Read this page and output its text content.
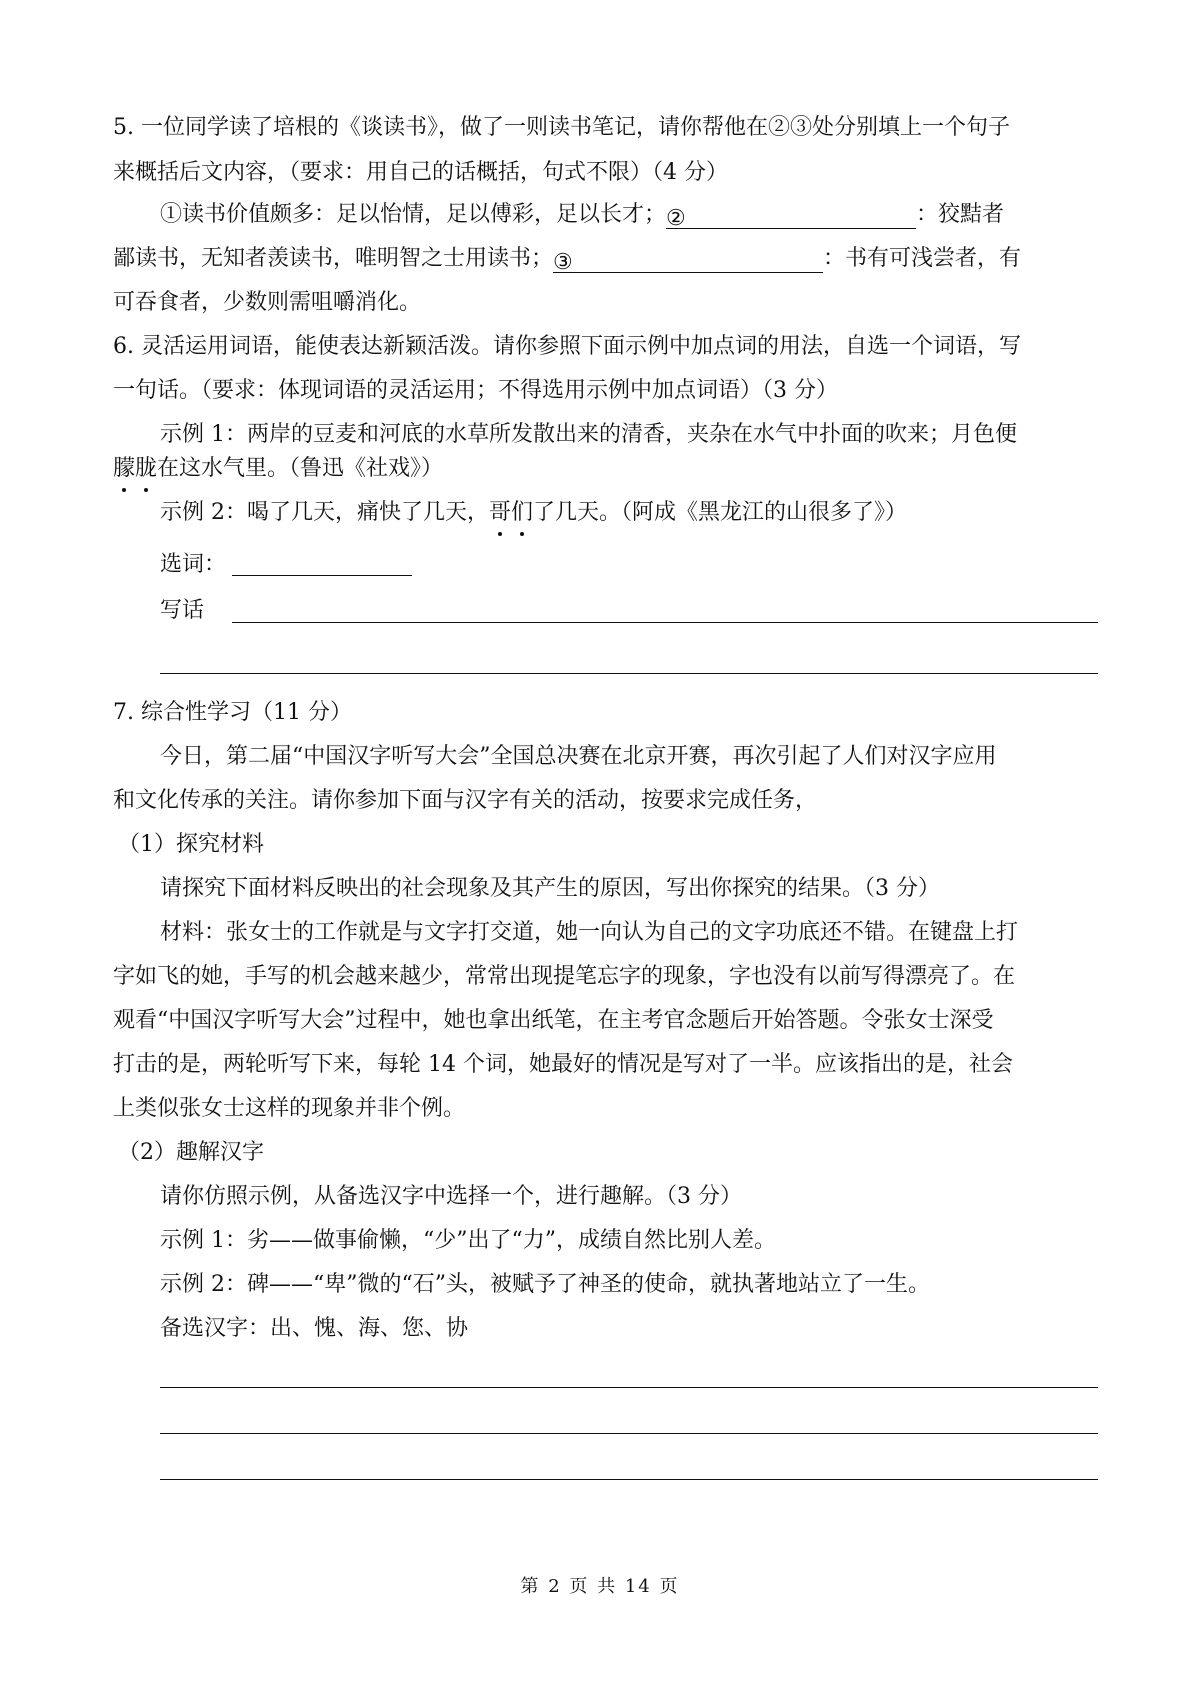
5. 一位同学读了培根的《谈读书》，做了一则读书笔记，请你帮他在②③处分别填上一个句子
来概括后文内容，（要求：用自己的话概括，句式不限）（4 分）
①读书价值颇多：足以怡情，足以傅彩，足以长才；②	：狡黠者
鄙读书，无知者羡读书，唯明智之士用读书；③	：书有可浅尝者，有
可吞食者，少数则需咀嚼消化。
6. 灵活运用词语，能使表达新颖活泼。请你参照下面示例中加点词的用法，自选一个词语，写
一句话。（要求：体现词语的灵活运用；不得选用示例中加点词语）（3 分）
示例 1：两岸的豆麦和河底的水草所发散出来的清香，夹杂在水气中扑面的吹来；月色便
朦胧在这水气里。（鲁迅《社戏》）
示例 2：喝了几天，痛快了几天，哥们了几天。（阿成《黑龙江的山很多了》）
选词：
写话
7. 综合性学习（11 分）
今日，第二届“中国汉字听写大会”全国总决赛在北京开赛，再次引起了人们对汉字应用
和文化传承的关注。请你参加下面与汉字有关的活动，按要求完成任务，
（1）探究材料
请探究下面材料反映出的社会现象及其产生的原因，写出你探究的结果。（3 分）
材料：张女士的工作就是与文字打交道，她一向认为自己的文字功底还不错。在键盘上打
字如飞的她，手写的机会越来越少，常常出现提笔忘字的现象，字也没有以前写得漂亮了。在
观看“中国汉字听写大会”过程中，她也拿出纸笔，在主考官念题后开始答题。令张女士深受
打击的是，两轮听写下来，每轮 14 个词，她最好的情况是写对了一半。应该指出的是，社会
上类似张女士这样的现象并非个例。
（2）趣解汉字
请你仿照示例，从备选汉字中选择一个，进行趣解。（3 分）
示例 1：劣——做事偷懒，“少”出了“力”，成绩自然比别人差。
示例 2：碑——“卑”微的“石”头，被赋予了神圣的使命，就执著地站立了一生。
备选汉字：出、愧、海、您、协
第 2 页 共 14 页
